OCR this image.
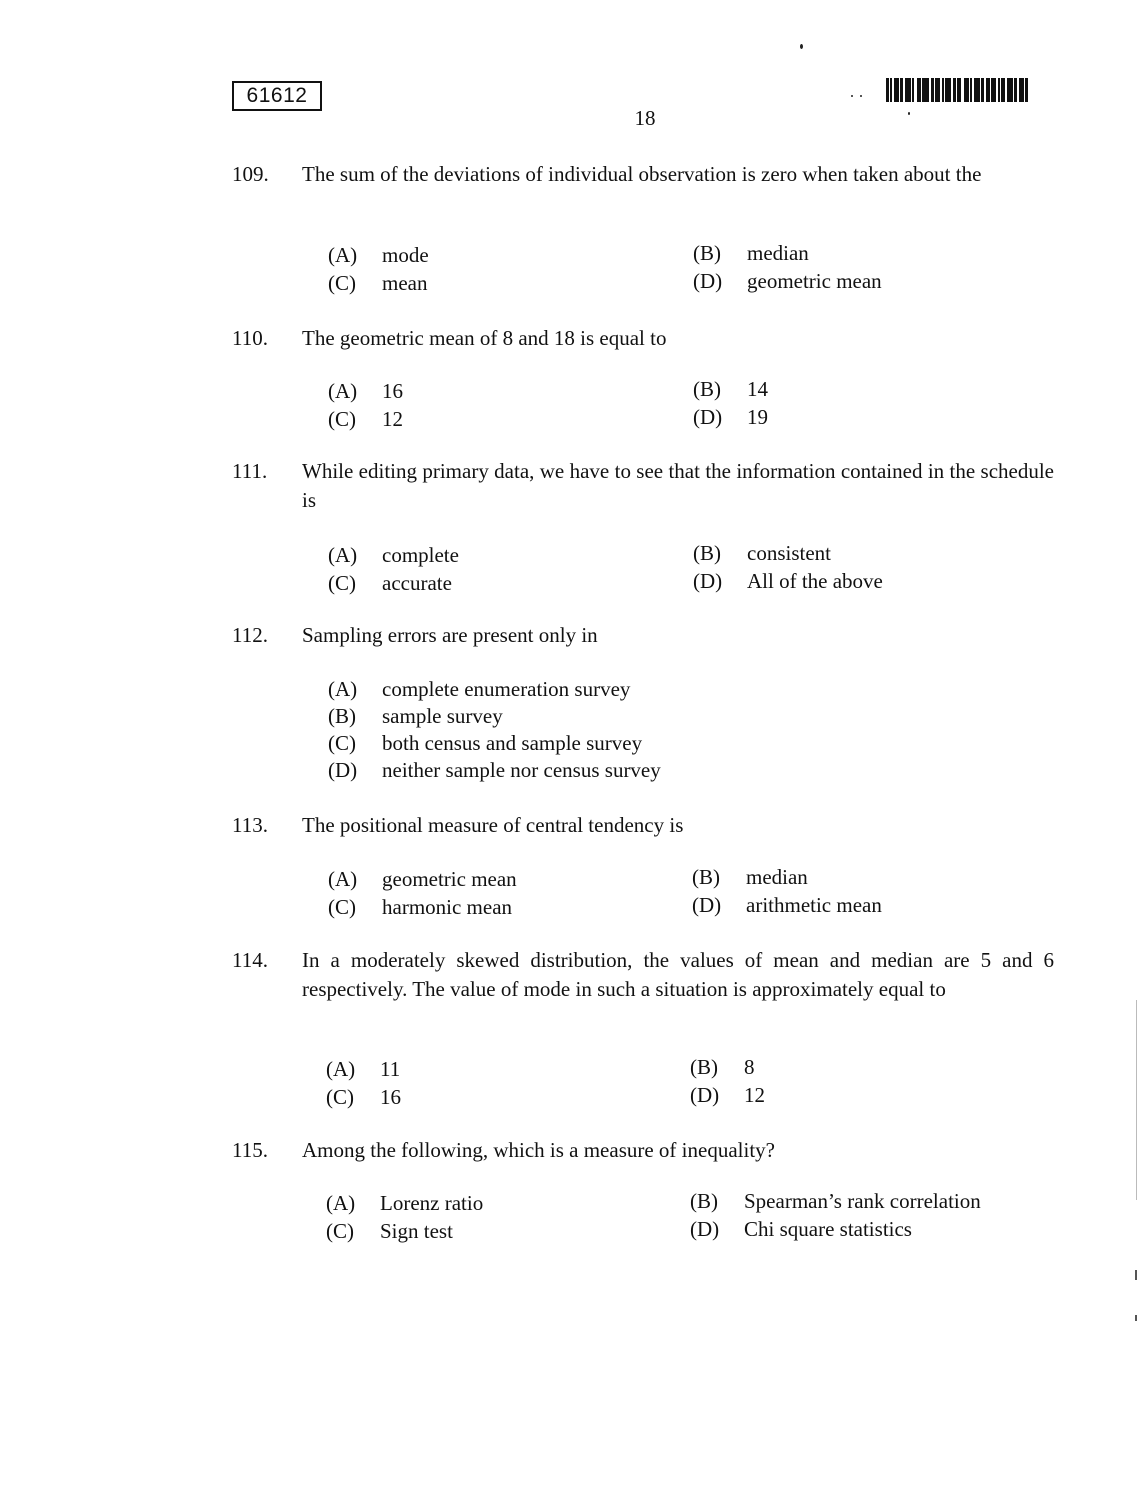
61612
18
109.	The sum of the deviations of individual observation is zero when taken about the
(A) mode	(B) median
(C) mean	(D) geometric mean
110.	The geometric mean of 8 and 18 is equal to
(A) 16	(B) 14
(C) 12	(D) 19
111.	While editing primary data, we have to see that the information contained in the schedule is
(A) complete	(B) consistent
(C) accurate	(D) All of the above
112.	Sampling errors are present only in
(A) complete enumeration survey
(B) sample survey
(C) both census and sample survey
(D) neither sample nor census survey
113.	The positional measure of central tendency is
(A) geometric mean	(B) median
(C) harmonic mean	(D) arithmetic mean
114.	In a moderately skewed distribution, the values of mean and median are 5 and 6 respectively. The value of mode in such a situation is approximately equal to
(A) 11	(B) 8
(C) 16	(D) 12
115.	Among the following, which is a measure of inequality?
(A) Lorenz ratio	(B) Spearman’s rank correlation
(C) Sign test	(D) Chi square statistics
